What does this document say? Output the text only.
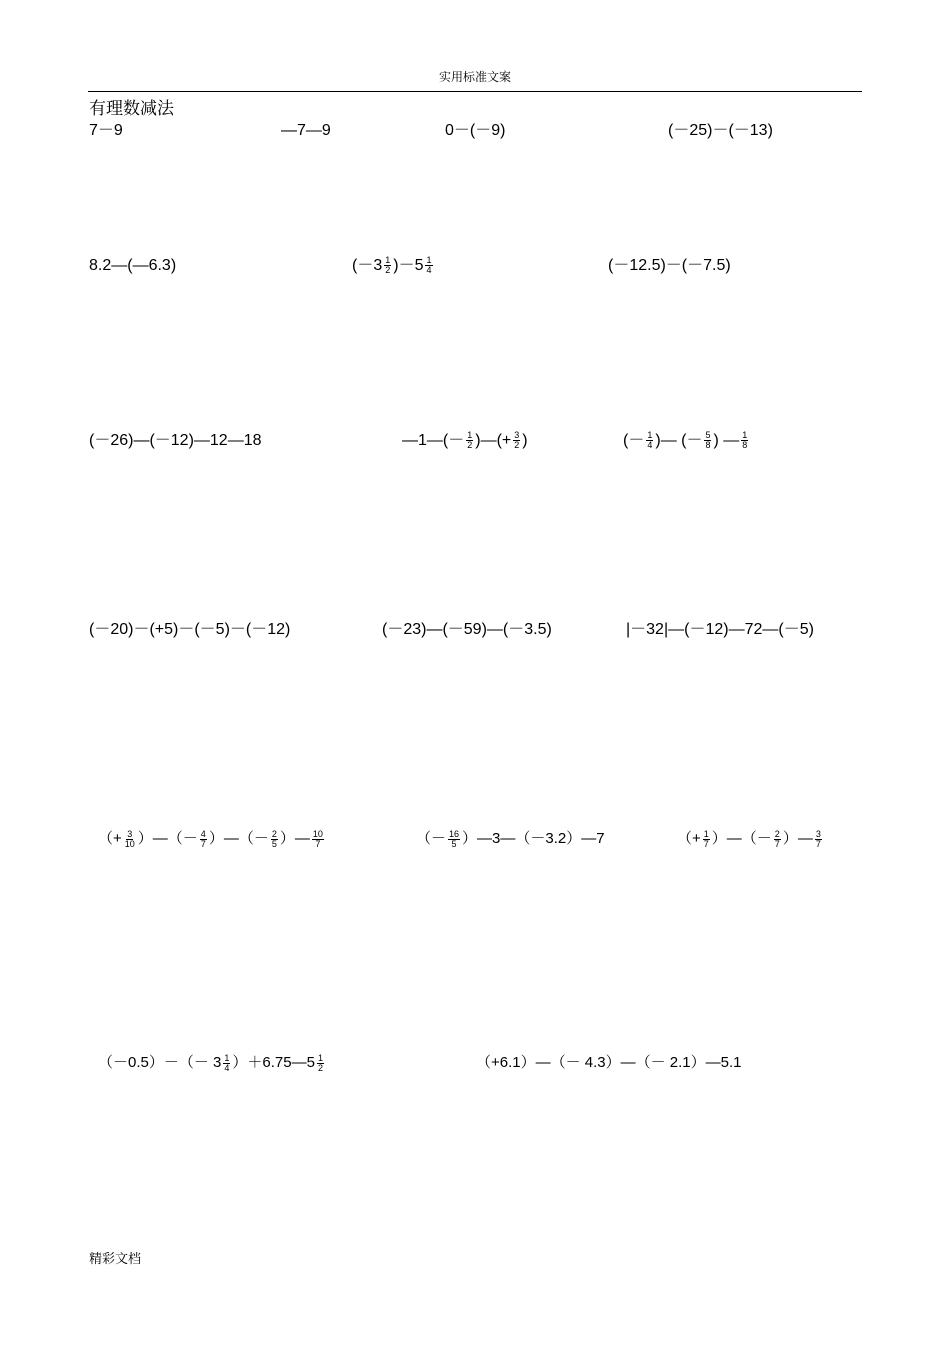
实用标准文案
有理数减法
7－9	—7—9	0－(－9)	(－25)－(－13)
8.2—(—6.3)	$(-3 \frac{1}{2} )-5 \frac{1}{4}$	(－12.5)－(－7.5)
(－26)—(－12)—12—18	—1—(－ $\frac{1}{2}$ )—(+ $\frac{3}{2}$ )	(－ $\frac{1}{4}$ )— (－ $\frac{5}{8}$ ) — $\frac{1}{8}$
(－20)－(+5)－(－5)－(－12)	(－23)—(－59)—(－3.5)	|－32|—(－12)—72—(－5)
（+ $\frac{3}{10}$ ）—（－ $\frac{4}{7}$ ）—（－ $\frac{2}{5}$ ）— $\frac{10}{7}$	（－ $\frac{16}{5}$ ）—3—（－3.2）—7	（+ $\frac{1}{7}$ ）—（－ $\frac{2}{7}$ ）— $\frac{3}{7}$
$(-0.5)-(- 3 \frac{1}{4}$ ）＋6.75—5 $\frac{1}{2}$	（+6.1）—（－ 4.3）—（－ 2.1）—5.1
精彩文档
